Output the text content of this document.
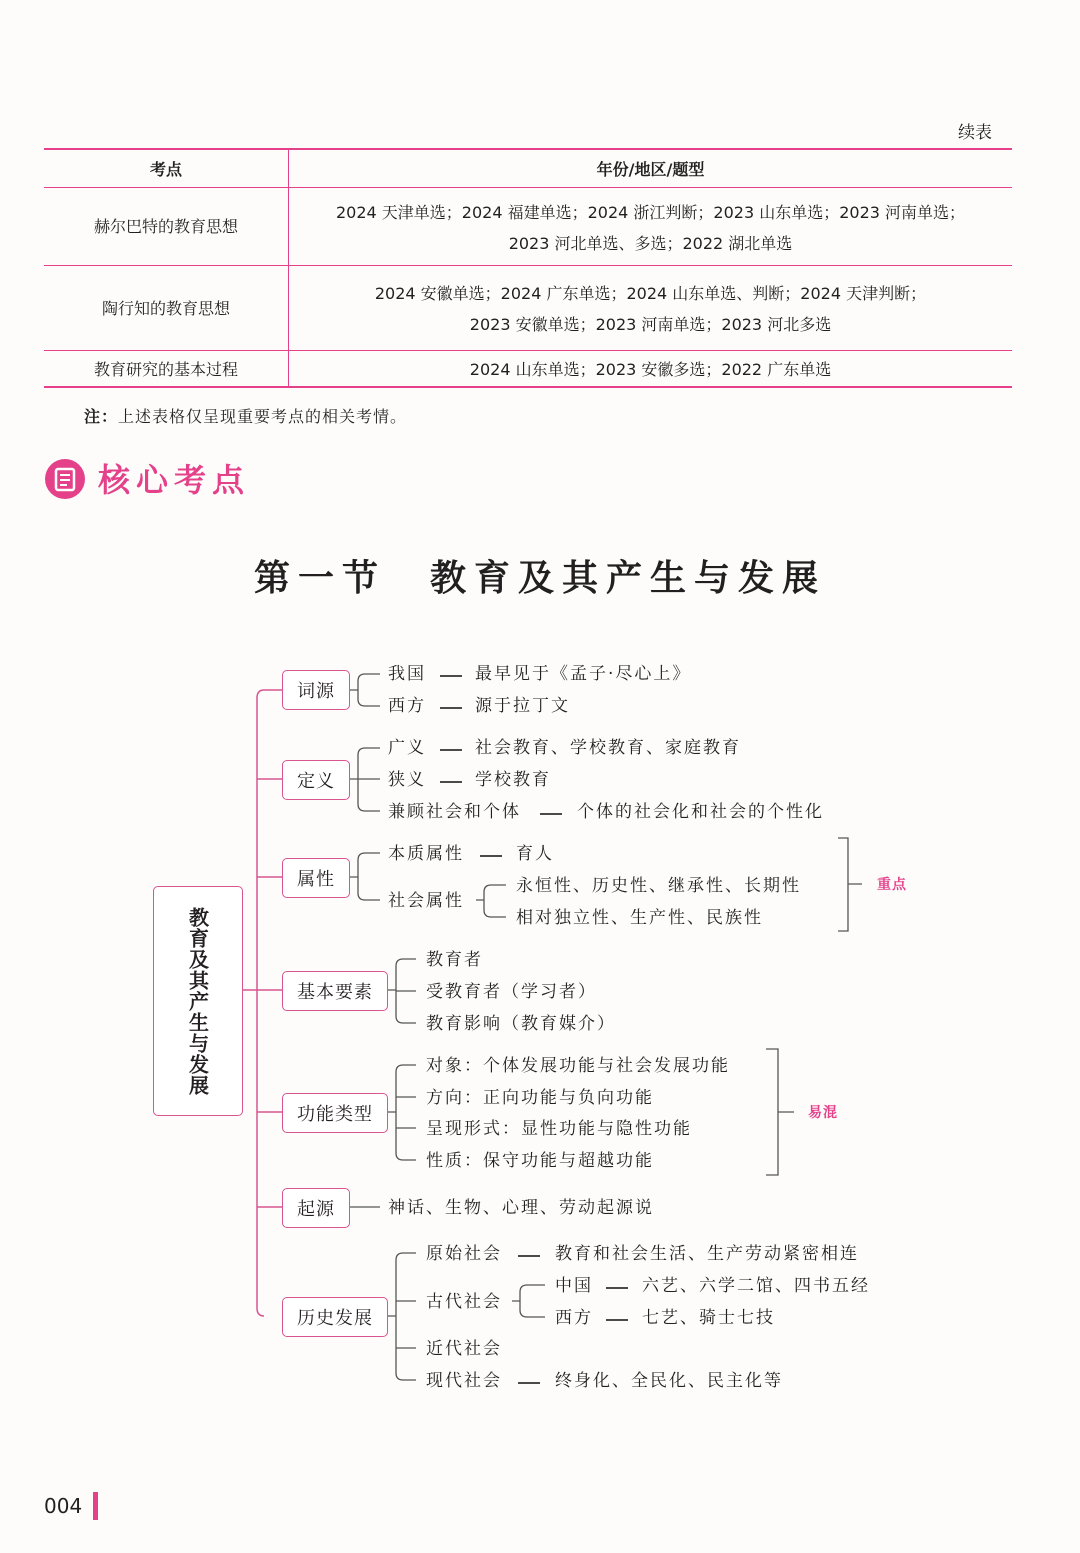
续表
考点	年份/地区/题型
赫尔巴特的教育思想
2024 天津单选；2024 福建单选；2024 浙江判断；2023 山东单选；2023 河南单选；
2023 河北单选、多选；2022 湖北单选
陶行知的教育思想
2024 安徽单选；2024 广东单选；2024 山东单选、判断；2024 天津判断；
2023 安徽单选；2023 河南单选；2023 河北多选
教育研究的基本过程	2024 山东单选；2023 安徽多选；2022 广东单选
注：上述表格仅呈现重要考点的相关考情。
核心考点
第一节　教育及其产生与发展
教育及其产生与发展
词源
定义
属性
基本要素
功能类型
起源
历史发展
我国	最早见于《孟子·尽心上》
西方	源于拉丁文
广义	社会教育、学校教育、家庭教育
狭义	学校教育
兼顾社会和个体	个体的社会化和社会的个性化
本质属性	育人
社会属性
永恒性、历史性、继承性、长期性
相对独立性、生产性、民族性
重点
教育者
受教育者（学习者）
教育影响（教育媒介）
对象：个体发展功能与社会发展功能
方向：正向功能与负向功能
呈现形式：显性功能与隐性功能
性质：保守功能与超越功能
易混
神话、生物、心理、劳动起源说
原始社会	教育和社会生活、生产劳动紧密相连
古代社会
中国	六艺、六学二馆、四书五经
西方	七艺、骑士七技
近代社会
现代社会	终身化、全民化、民主化等
004
